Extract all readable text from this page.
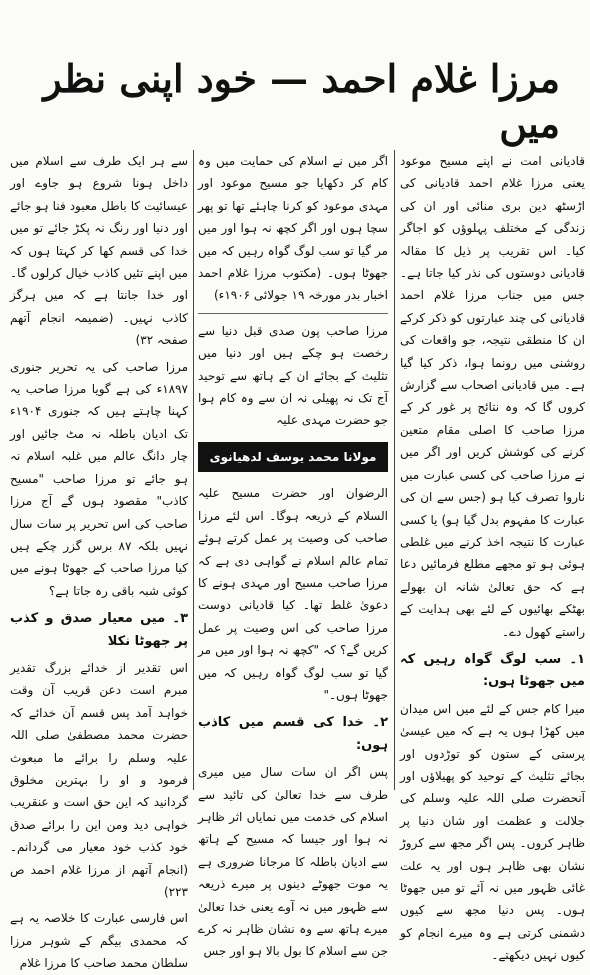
مرزا غلام احمد — خود اپنی نظر میں

قادیانی امت نے اپنے مسیح موعود یعنی مرزا غلام احمد قادیانی کی اڑسٹھ دین بری منائی اور ان کی زندگی کے مختلف پہلوؤں کو اجاگر کیا۔ اس تقریب پر ذیل کا مقالہ قادیانی دوستوں کی نذر کیا جاتا ہے۔ جس میں جناب مرزا غلام احمد قادیانی کی چند عبارتوں کو ذکر کرکے ان کا منطقی نتیجہ، جو واقعات کی روشنی میں رونما ہوا، ذکر کیا گیا ہے۔ میں قادیانی اصحاب سے گزارش کروں گا کہ وہ نتائج پر غور کر کے مرزا صاحب کا اصلی مقام متعین کرنے کی کوشش کریں اور اگر میں نے مرزا صاحب کی کسی عبارت میں ناروا تصرف کیا ہو (جس سے ان کی عبارت کا مفہوم بدل گیا ہو) یا کسی عبارت کا نتیجہ اخذ کرنے میں غلطی ہوئی ہو تو مجھے مطلع فرمائیں دعا ہے کہ حق تعالیٰ شانہ ان بھولے بھٹکے بھائیوں کے لئے بھی ہدایت کے راستے کھول دے۔

۱۔ سب لوگ گواہ رہیں کہ میں جھوٹا ہوں:

میرا کام جس کے لئے میں اس میدان میں کھڑا ہوں یہ ہے کہ میں عیسیٰ پرستی کے ستون کو توڑدوں اور بجائے تثلیث کے توحید کو پھیلاؤں اور آنحضرت صلی اللہ علیہ وسلم کی جلالت و عظمت اور شان دنیا پر ظاہر کروں۔ پس اگر مجھ سے کروڑ نشان بھی ظاہر ہوں اور یہ علت غائی ظہور میں نہ آئے تو میں جھوٹا ہوں۔ پس دنیا مجھ سے کیوں دشمنی کرتی ہے وہ میرے انجام کو کیوں نہیں دیکھتے۔

اگر میں نے اسلام کی حمایت میں وہ کام کر دکھایا جو مسیح موعود اور مہدی موعود کو کرنا چاہئے تھا تو پھر سچا ہوں اور اگر کچھ نہ ہوا اور میں مر گیا تو سب لوگ گواہ رہیں کہ میں جھوٹا ہوں۔ (مکتوب مرزا غلام احمد اخبار بدر مورخہ ۱۹ جولائی ۱۹۰۶ء)

مرزا صاحب پون صدی قبل دنیا سے رخصت ہو چکے ہیں اور دنیا میں تثلیث کے بجائے ان کے ہاتھ سے توحید آج تک نہ پھیلی نہ ان سے وہ کام ہوا جو حضرت مہدی علیہ

مولانا محمد یوسف لدھیانوی

الرضوان اور حضرت مسیح علیہ السلام کے ذریعہ ہوگا۔ اس لئے مرزا صاحب کی وصیت پر عمل کرتے ہوئے تمام عالم اسلام نے گواہی دی ہے کہ مرزا صاحب مسیح اور مہدی ہونے کا دعویٰ غلط تھا۔ کیا قادیانی دوست مرزا صاحب کی اس وصیت پر عمل کریں گے؟ کہ "کچھ نہ ہوا اور میں مر گیا تو سب لوگ گواہ رہیں کہ میں جھوٹا ہوں۔"

۲۔ خدا کی قسم میں کاذب ہوں:

پس اگر ان سات سال میں میری طرف سے خدا تعالیٰ کی تائید سے اسلام کی خدمت میں نمایاں اثر ظاہر نہ ہوا اور جیسا کہ مسیح کے ہاتھ سے ادیان باطلہ کا مرجانا ضروری ہے یہ موت جھوٹے دینوں پر میرے ذریعہ سے ظہور میں نہ آوے یعنی خدا تعالیٰ میرے ہاتھ سے وہ نشان ظاہر نہ کرے جن سے اسلام کا بول بالا ہو اور جس

سے ہر ایک طرف سے اسلام میں داخل ہونا شروع ہو جاوے اور عیسائیت کا باطل معبود فنا ہو جائے اور دنیا اور رنگ نہ پکڑ جائے تو میں خدا کی قسم کھا کر کہتا ہوں کہ میں اپنے تئیں کاذب خیال کرلوں گا۔ اور خدا جانتا ہے کہ میں ہرگز کاذب نہیں۔ (ضمیمہ انجام آتھم صفحہ ۳۲)

مرزا صاحب کی یہ تحریر جنوری ۱۸۹۷ء کی ہے گویا مرزا صاحب یہ کہنا چاہتے ہیں کہ جنوری ۱۹۰۴ء تک ادیان باطلہ نہ مٹ جائیں اور چار دانگ عالم میں غلبہ اسلام نہ ہو جائے تو مرزا صاحب "مسیح کاذب" مقصود ہوں گے آج مرزا صاحب کی اس تحریر پر سات سال نہیں بلکہ ۸۷ برس گزر چکے ہیں کیا مرزا صاحب کے جھوٹا ہونے میں کوئی شبہ باقی رہ جاتا ہے؟

۳۔ میں معیار صدق و کذب پر جھوٹا نکلا

اس تقدیر از خدائے بزرگ تقدیر مبرم است دعن قریب آن وقت خواہد آمد پس قسم آن خدائے کہ حضرت محمد مصطفیٰ صلی اللہ علیہ وسلم را برائے ما مبعوث فرمود و او را بہترین مخلوق گردانید کہ این حق است و عنقریب خواہی دید ومن این را برائے صدق خود کذب خود معیار می گردانم۔ (انجام آتھم از مرزا غلام احمد ص ۲۲۳)

اس فارسی عبارت کا خلاصہ یہ ہے کہ محمدی بیگم کے شوہر مرزا سلطان محمد صاحب کا مرزا غلام
